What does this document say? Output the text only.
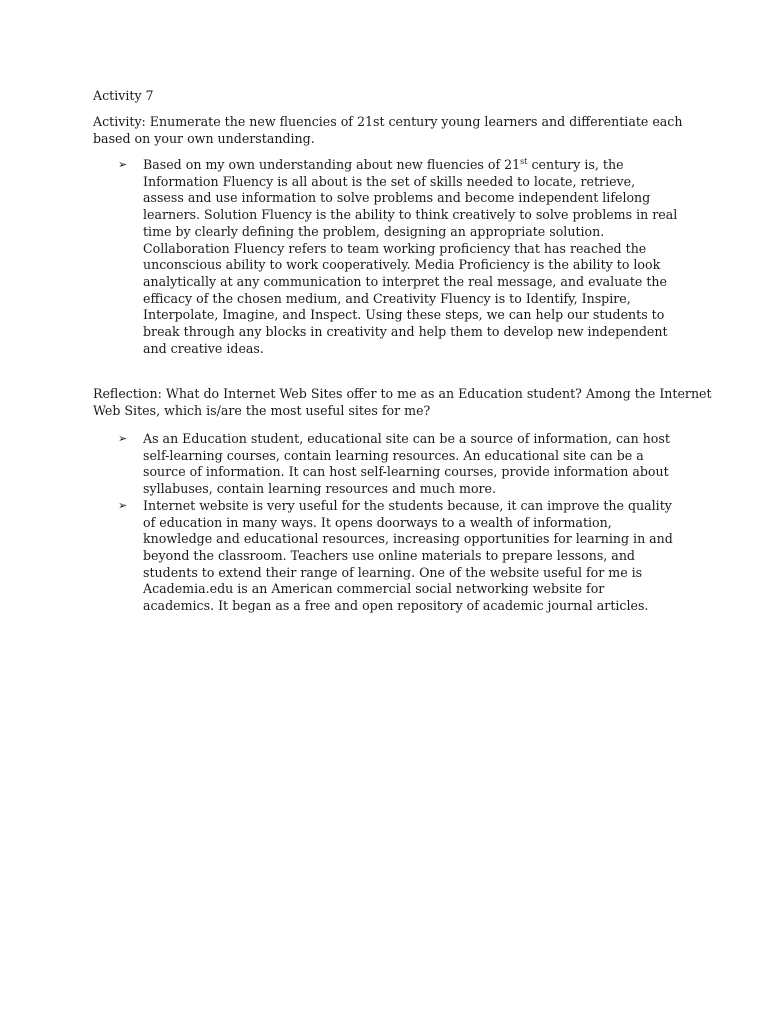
Activity 7

Activity: Enumerate the new fluencies of 21st century young learners and differentiate each based on your own understanding.

➢ Based on my own understanding about new fluencies of 21st century is, the Information Fluency is all about is the set of skills needed to locate, retrieve, assess and use information to solve problems and become independent lifelong learners. Solution Fluency is the ability to think creatively to solve problems in real time by clearly defining the problem, designing an appropriate solution. Collaboration Fluency refers to team working proficiency that has reached the unconscious ability to work cooperatively. Media Proficiency is the ability to look analytically at any communication to interpret the real message, and evaluate the efficacy of the chosen medium, and Creativity Fluency is to Identify, Inspire, Interpolate, Imagine, and Inspect. Using these steps, we can help our students to break through any blocks in creativity and help them to develop new independent and creative ideas.

Reflection: What do Internet Web Sites offer to me as an Education student? Among the Internet Web Sites, which is/are the most useful sites for me?

➢ As an Education student, educational site can be a source of information, can host self-learning courses, contain learning resources. An educational site can be a source of information. It can host self-learning courses, provide information about syllabuses, contain learning resources and much more.
➢ Internet website is very useful for the students because, it can improve the quality of education in many ways. It opens doorways to a wealth of information, knowledge and educational resources, increasing opportunities for learning in and beyond the classroom. Teachers use online materials to prepare lessons, and students to extend their range of learning. One of the website useful for me is Academia.edu is an American commercial social networking website for academics. It began as a free and open repository of academic journal articles.
